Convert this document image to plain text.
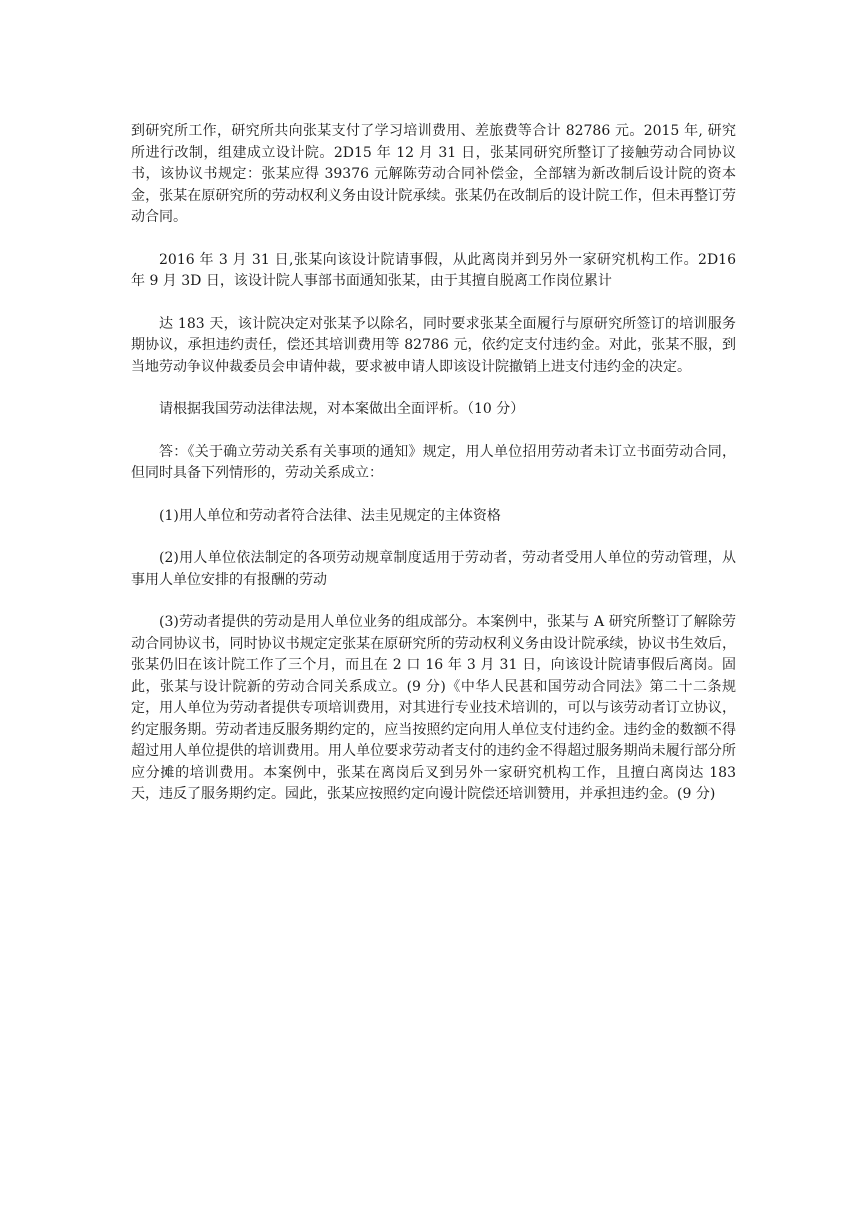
到研究所工作，研究所共向张某支付了学习培训费用、差旅费等合计 82786 元。2015 年, 研究所进行改制，组建成立设计院。2D15 年 12 月 31 日，张某同研究所整订了接触劳动合同协议书，该协议书规定：张某应得 39376 元解陈劳动合同补偿金，全部辖为新改制后设计院的资本金，张某在原研究所的劳动权利义务由设计院承续。张某仍在改制后的设计院工作，但未再整订劳动合同。

2016 年 3 月 31 日,张某向该设计院请事假，从此离岗并到另外一家研究机构工作。2D16 年 9 月 3D 日，该设计院人事部书面通知张某，由于其擅自脱离工作岗位累计

达 183 天，该计院决定对张某予以除名，同时要求张某全面履行与原研究所签订的培训服务期协议，承担违约责任，偿还其培训费用等 82786 元，依约定支付违约金。对此，张某不服，到当地劳动争议仲裁委员会申请仲裁，要求被申请人即该设计院撤销上进支付违约金的决定。

请根据我国劳动法律法规，对本案做出全面评析。（10 分）

答：《关于确立劳动关系有关事项的通知》规定，用人单位招用劳动者未订立书面劳动合同，但同时具备下列情形的，劳动关系成立：

(1)用人单位和劳动者符合法律、法圭见规定的主体资格

(2)用人单位依法制定的各项劳动规章制度适用于劳动者，劳动者受用人单位的劳动管理，从事用人单位安排的有报酬的劳动

(3)劳动者提供的劳动是用人单位业务的组成部分。本案例中，张某与 A 研究所整订了解除劳动合同协议书，同时协议书规定定张某在原研究所的劳动权利义务由设计院承续，协议书生效后，张某仍旧在该计院工作了三个月，而且在 2 口 16 年 3 月 31 日，向该设计院请事假后离岗。固此，张某与设计院新的劳动合同关系成立。(9 分)《中华人民甚和国劳动合同法》第二十二条规定，用人单位为劳动者提供专项培训费用，对其进行专业技术培训的，可以与该劳动者订立协议，约定服务期。劳动者违反服务期约定的，应当按照约定向用人单位支付违约金。违约金的数额不得超过用人单位提供的培训费用。用人单位要求劳动者支付的违约金不得超过服务期尚未履行部分所应分摊的培训费用。本案例中，张某在离岗后叉到另外一家研究机构工作，且擅白离岗达 183 天，违反了服务期约定。园此，张某应按照约定向谩计院偿还培训赞用，并承担违约金。(9 分)
